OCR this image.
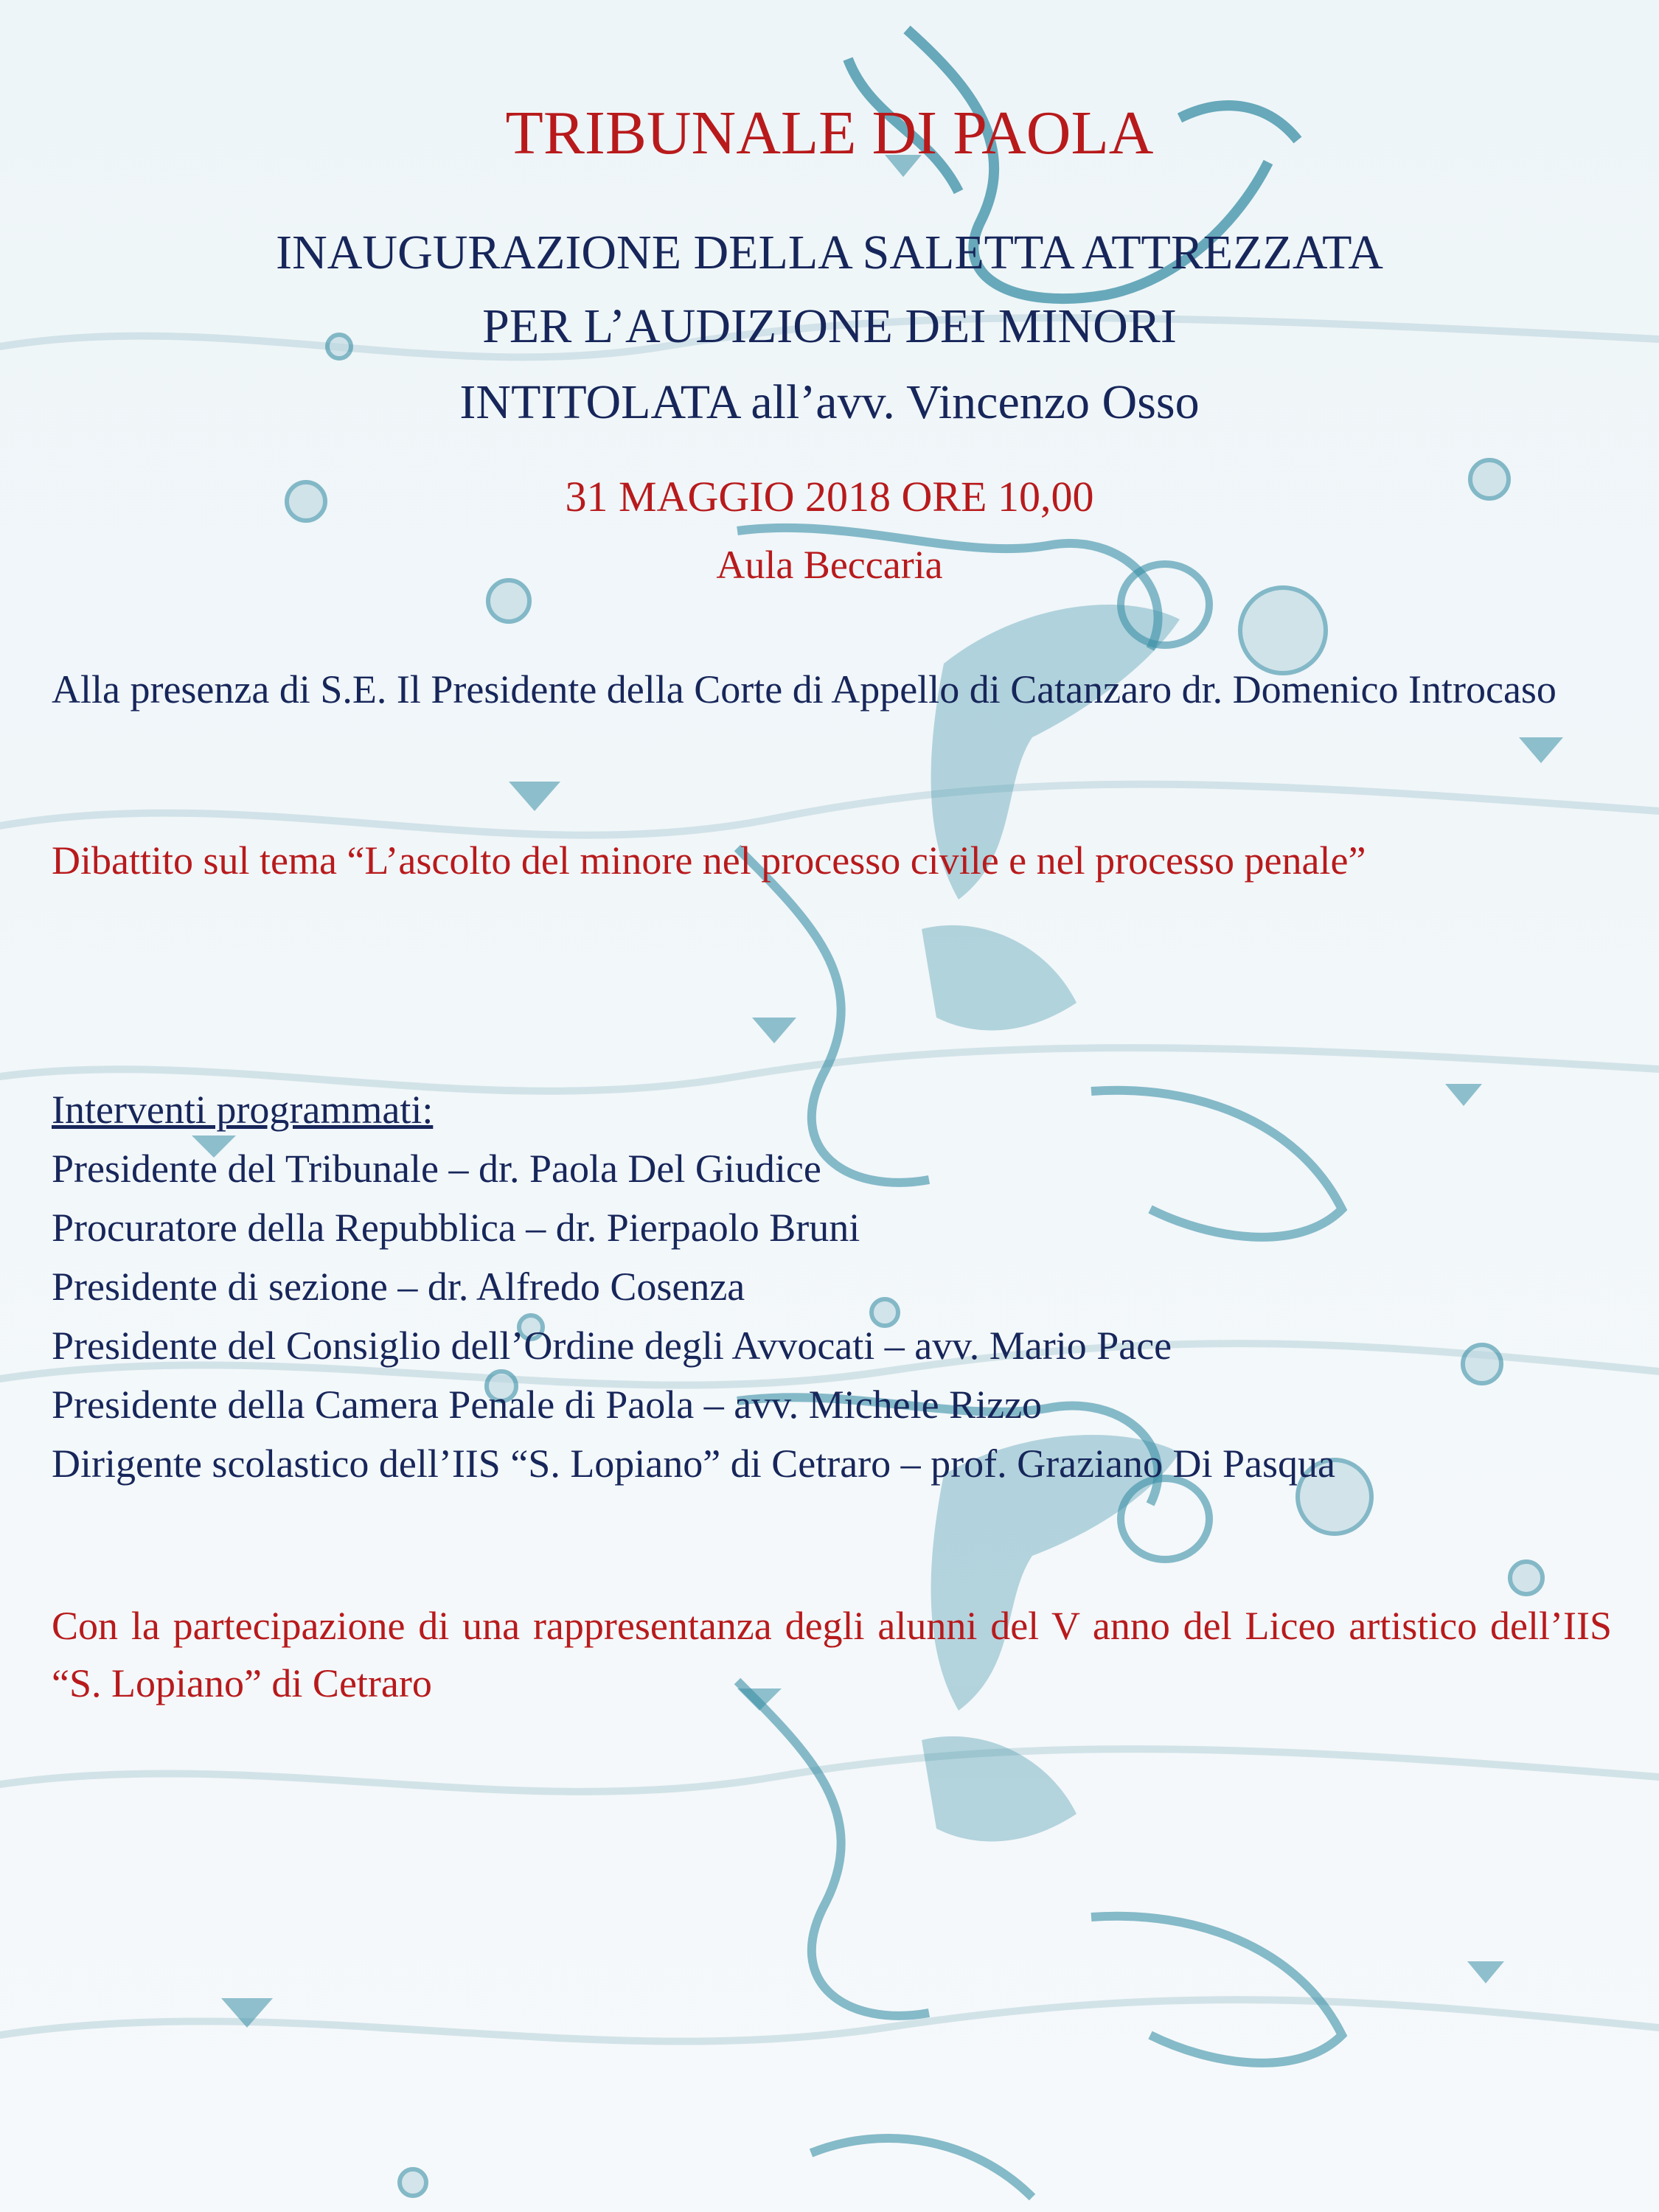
TRIBUNALE DI PAOLA
INAUGURAZIONE DELLA SALETTA ATTREZZATA
PER L’AUDIZIONE DEI MINORI
INTITOLATA all’avv. Vincenzo Osso
31 MAGGIO 2018 ORE 10,00
Aula Beccaria
Alla presenza di S.E. Il Presidente della Corte di Appello di Catanzaro dr. Domenico Introcaso
Dibattito sul tema “L’ascolto del minore nel processo civile e nel processo penale”
Interventi programmati:
Presidente del Tribunale – dr. Paola Del Giudice
Procuratore della Repubblica – dr. Pierpaolo Bruni
Presidente di sezione – dr. Alfredo Cosenza
Presidente del Consiglio dell’Ordine degli Avvocati – avv. Mario Pace
Presidente della Camera Penale di Paola – avv. Michele Rizzo
Dirigente scolastico dell’IIS “S. Lopiano” di Cetraro – prof. Graziano Di Pasqua
Con la partecipazione di una rappresentanza degli alunni del V anno del Liceo artistico dell’IIS “S. Lopiano” di Cetraro
